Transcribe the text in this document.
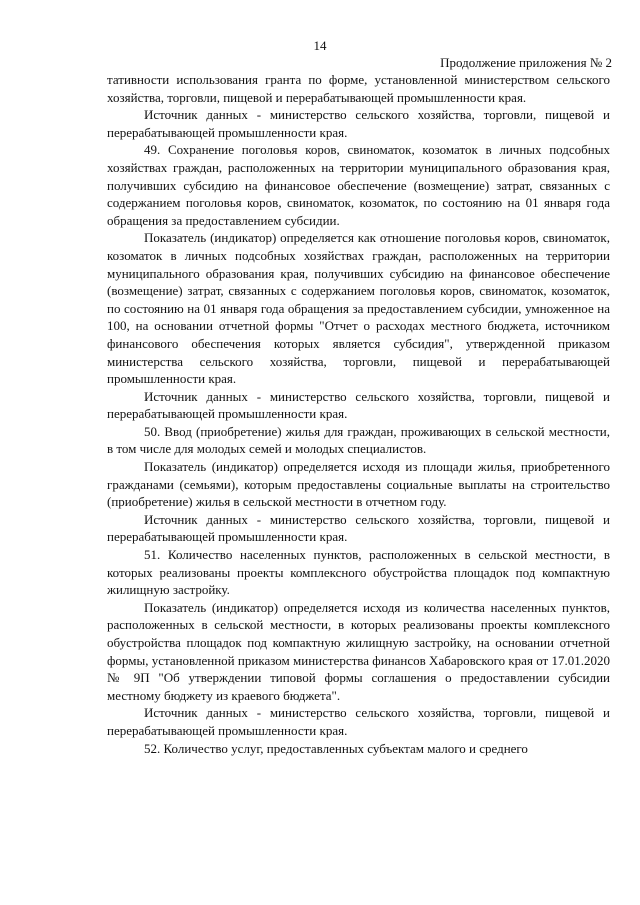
14
Продолжение приложения № 2

тативности использования гранта по форме, установленной министерством сельского хозяйства, торговли, пищевой и перерабатывающей промышленности края.

Источник данных - министерство сельского хозяйства, торговли, пищевой и перерабатывающей промышленности края.

49. Сохранение поголовья коров, свиноматок, козоматок в личных подсобных хозяйствах граждан, расположенных на территории муниципального образования края, получивших субсидию на финансовое обеспечение (возмещение) затрат, связанных с содержанием поголовья коров, свиноматок, козоматок, по состоянию на 01 января года обращения за предоставлением субсидии.

Показатель (индикатор) определяется как отношение поголовья коров, свиноматок, козоматок в личных подсобных хозяйствах граждан, расположенных на территории муниципального образования края, получивших субсидию на финансовое обеспечение (возмещение) затрат, связанных с содержанием поголовья коров, свиноматок, козоматок, по состоянию на 01 января года обращения за предоставлением субсидии, умноженное на 100, на основании отчетной формы "Отчет о расходах местного бюджета, источником финансового обеспечения которых является субсидия", утвержденной приказом министерства сельского хозяйства, торговли, пищевой и перерабатывающей промышленности края.

Источник данных - министерство сельского хозяйства, торговли, пищевой и перерабатывающей промышленности края.

50. Ввод (приобретение) жилья для граждан, проживающих в сельской местности, в том числе для молодых семей и молодых специалистов.

Показатель (индикатор) определяется исходя из площади жилья, приобретенного гражданами (семьями), которым предоставлены социальные выплаты на строительство (приобретение) жилья в сельской местности в отчетном году.

Источник данных - министерство сельского хозяйства, торговли, пищевой и перерабатывающей промышленности края.

51. Количество населенных пунктов, расположенных в сельской местности, в которых реализованы проекты комплексного обустройства площадок под компактную жилищную застройку.

Показатель (индикатор) определяется исходя из количества населенных пунктов, расположенных в сельской местности, в которых реализованы проекты комплексного обустройства площадок под компактную жилищную застройку, на основании отчетной формы, установленной приказом министерства финансов Хабаровского края от 17.01.2020 № 9П "Об утверждении типовой формы соглашения о предоставлении субсидии местному бюджету из краевого бюджета".

Источник данных - министерство сельского хозяйства, торговли, пищевой и перерабатывающей промышленности края.

52. Количество услуг, предоставленных субъектам малого и среднего
